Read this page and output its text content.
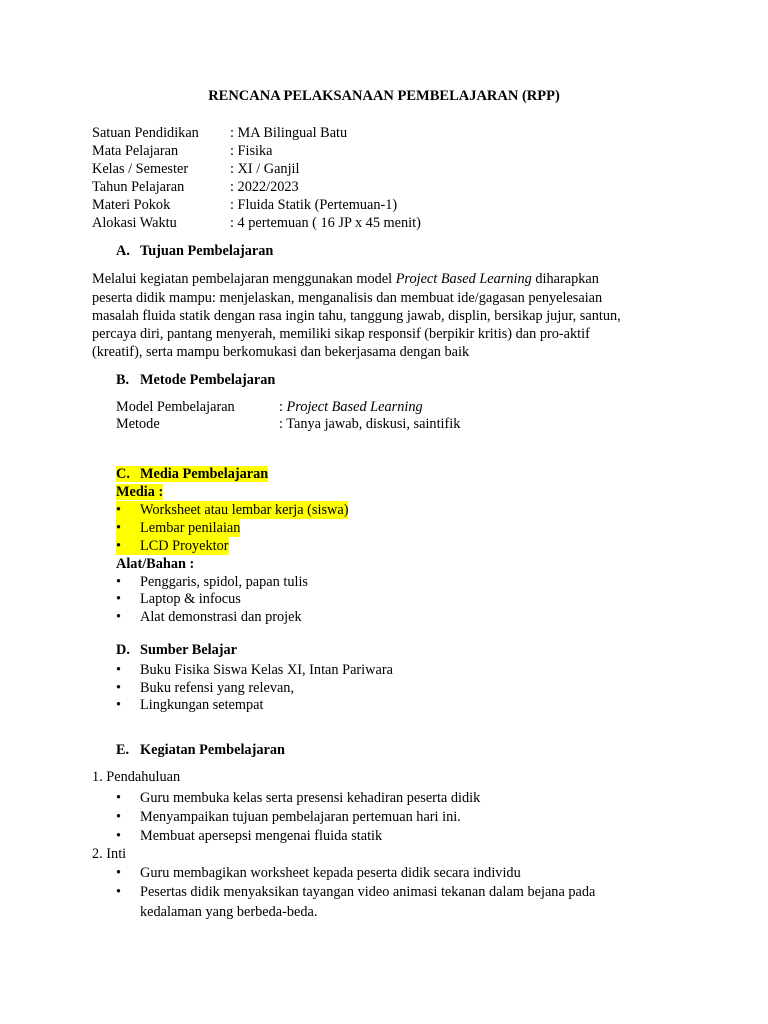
RENCANA PELAKSANAAN PEMBELAJARAN (RPP)
Satuan Pendidikan : MA Bilingual Batu
Mata Pelajaran	: Fisika
Kelas / Semester	: XI / Ganjil
Tahun Pelajaran	: 2022/2023
Materi Pokok	: Fluida Statik (Pertemuan-1)
Alokasi Waktu	: 4 pertemuan ( 16 JP x 45 menit)
A. Tujuan Pembelajaran
Melalui kegiatan pembelajaran menggunakan model Project Based Learning diharapkan
peserta didik mampu: menjelaskan, menganalisis dan membuat ide/gagasan penyelesaian
masalah fluida statik dengan rasa ingin tahu, tanggung jawab, displin, bersikap jujur, santun,
percaya diri, pantang menyerah, memiliki sikap responsif (berpikir kritis) dan pro-aktif
(kreatif), serta mampu berkomukasi dan bekerjasama dengan baik
B. Metode Pembelajaran
Model Pembelajaran	: Project Based Learning
Metode	: Tanya jawab, diskusi, saintifik
C. Media Pembelajaran
Media :
• Worksheet atau lembar kerja (siswa)
• Lembar penilaian
• LCD Proyektor
Alat/Bahan :
• Penggaris, spidol, papan tulis
• Laptop & infocus
• Alat demonstrasi dan projek
D. Sumber Belajar
• Buku Fisika Siswa Kelas XI, Intan Pariwara
• Buku refensi yang relevan,
• Lingkungan setempat
E. Kegiatan Pembelajaran
1. Pendahuluan
• Guru membuka kelas serta presensi kehadiran peserta didik
• Menyampaikan tujuan pembelajaran pertemuan hari ini.
• Membuat apersepsi mengenai fluida statik
2. Inti
• Guru membagikan worksheet kepada peserta didik secara individu
• Pesertas didik menyaksikan tayangan video animasi tekanan dalam bejana pada
kedalaman yang berbeda-beda.
